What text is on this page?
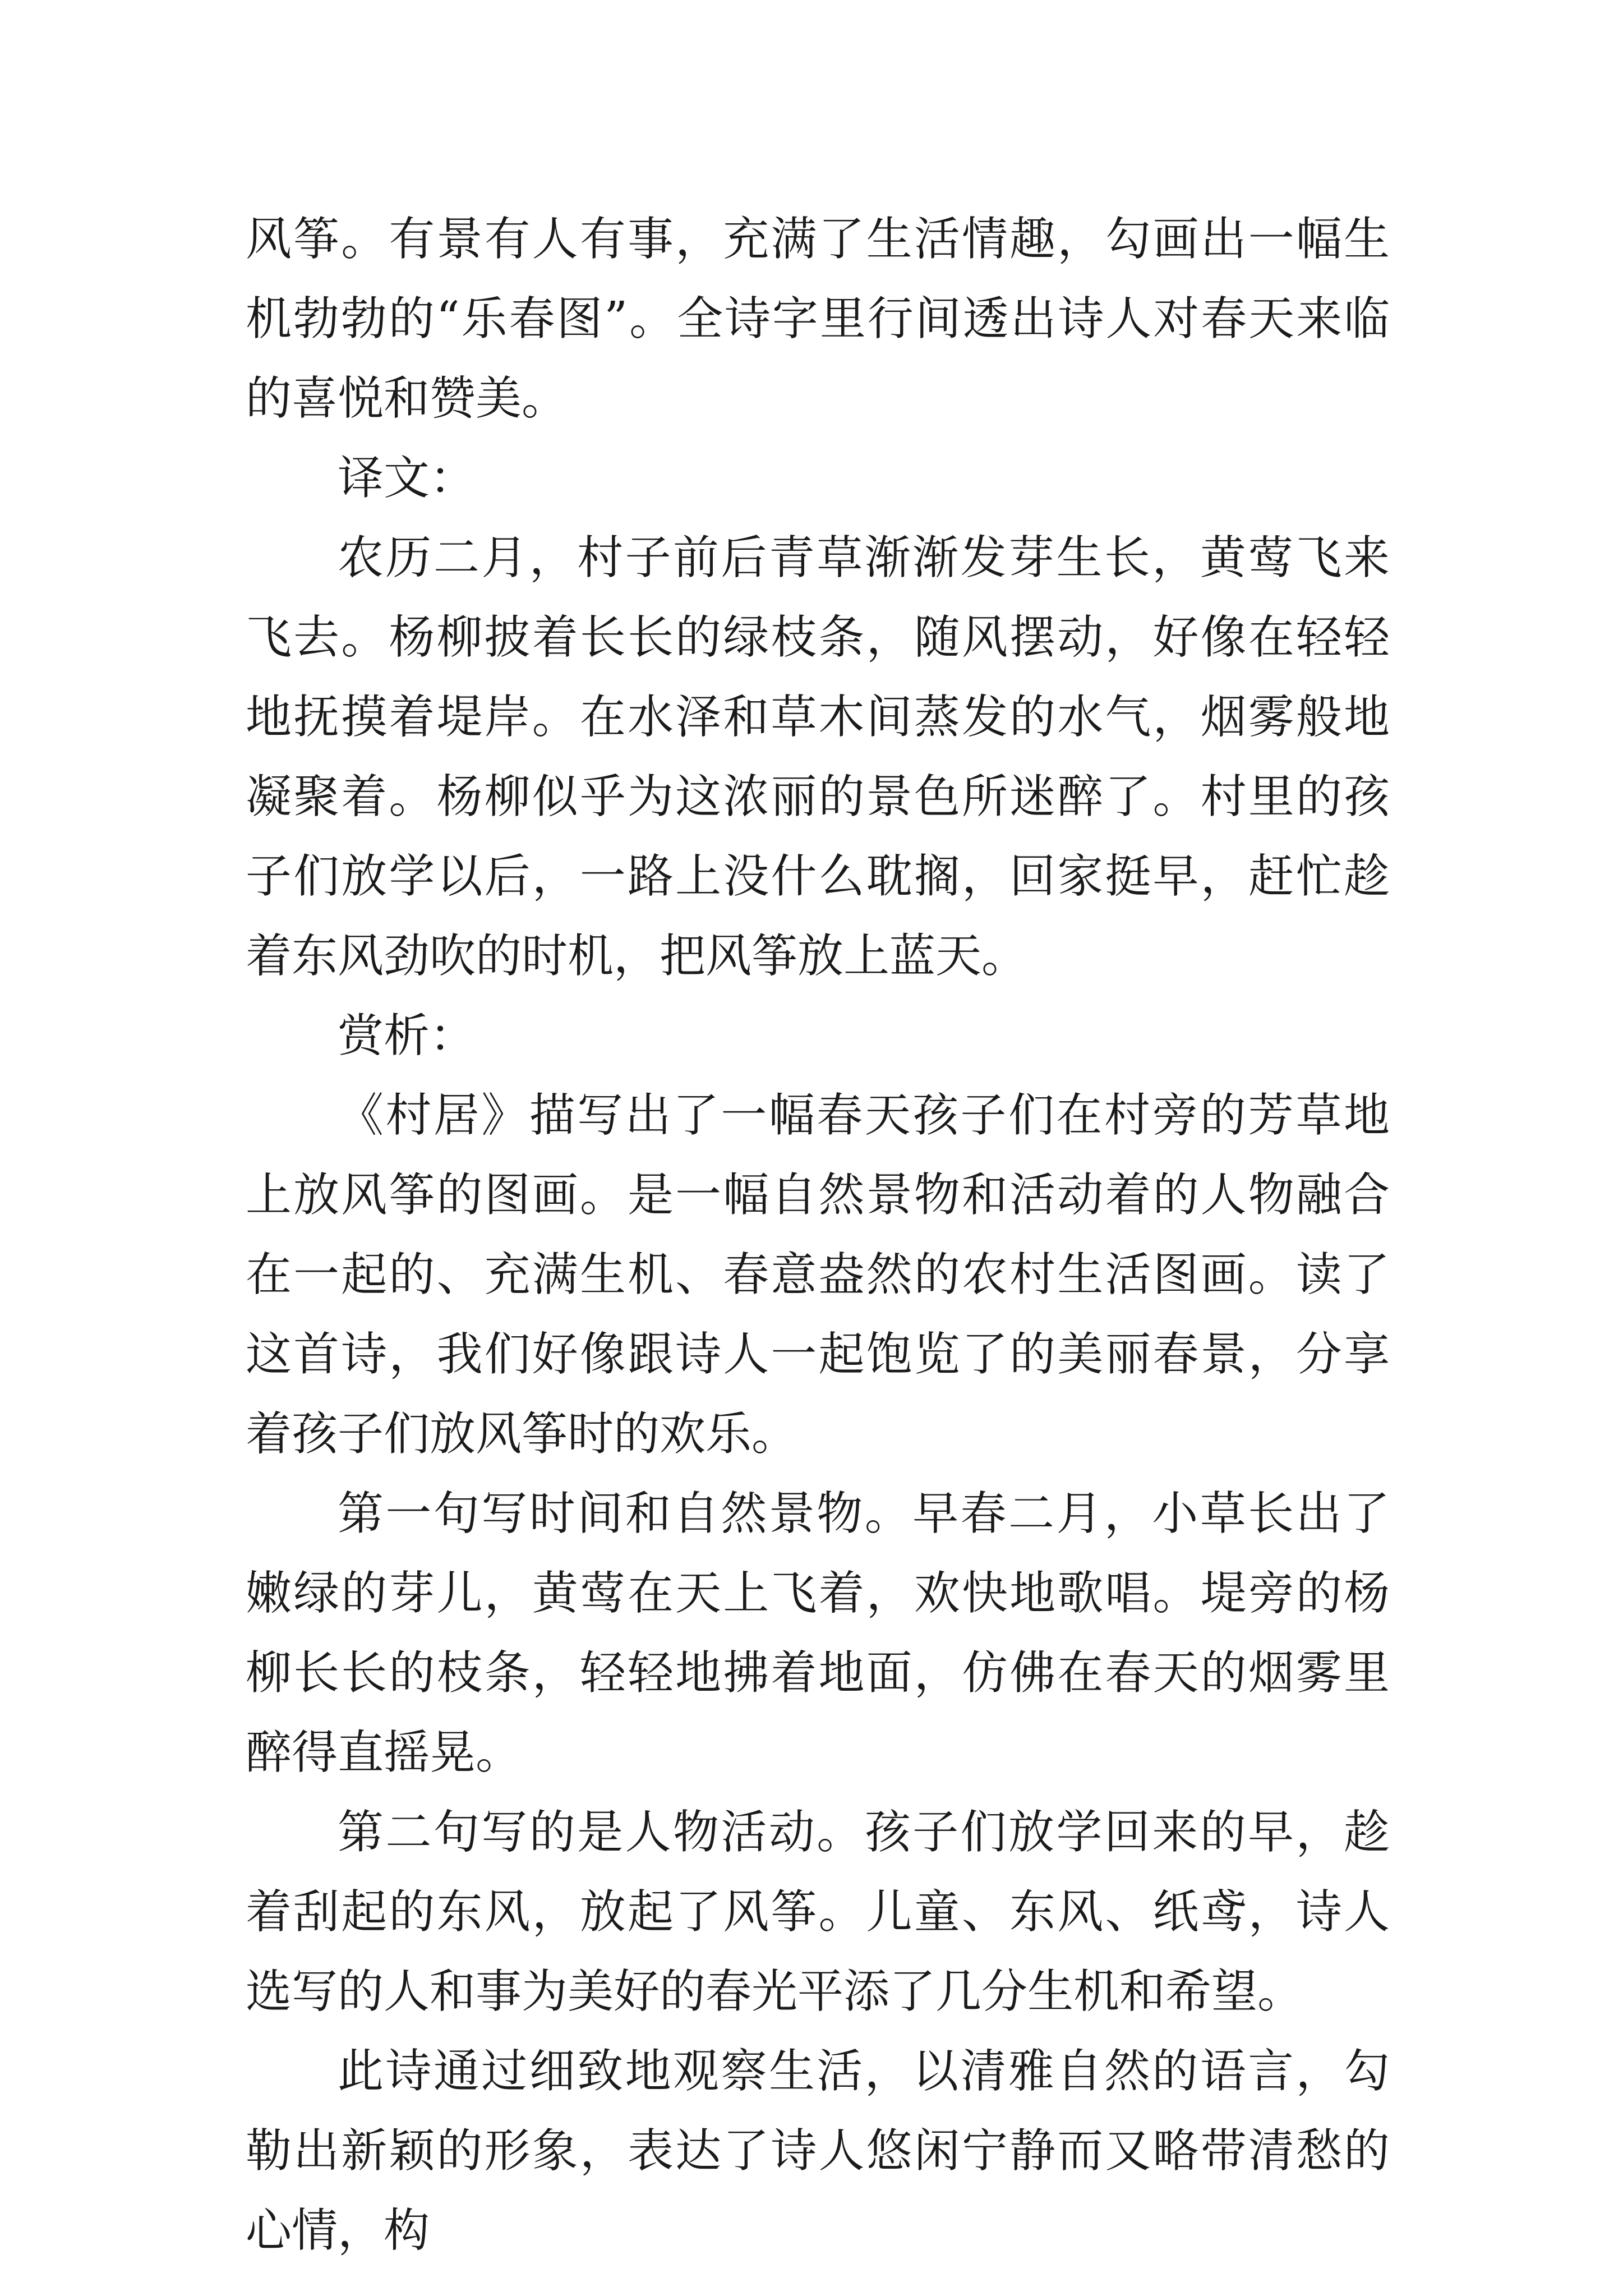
风筝。有景有人有事，充满了生活情趣，勾画出一幅生机勃勃的“乐春图”。全诗字里行间透出诗人对春天来临的喜悦和赞美。

译文：

农历二月，村子前后青草渐渐发芽生长，黄莺飞来飞去。杨柳披着长长的绿枝条，随风摆动，好像在轻轻地抚摸着堤岸。在水泽和草木间蒸发的水气，烟雾般地凝聚着。杨柳似乎为这浓丽的景色所迷醉了。村里的孩子们放学以后，一路上没什么耽搁，回家挺早，赶忙趁着东风劲吹的时机，把风筝放上蓝天。

赏析：

《村居》描写出了一幅春天孩子们在村旁的芳草地上放风筝的图画。是一幅自然景物和活动着的人物融合在一起的、充满生机、春意盎然的农村生活图画。读了这首诗，我们好像跟诗人一起饱览了的美丽春景，分享着孩子们放风筝时的欢乐。

第一句写时间和自然景物。早春二月，小草长出了嫩绿的芽儿，黄莺在天上飞着，欢快地歌唱。堤旁的杨柳长长的枝条，轻轻地拂着地面，仿佛在春天的烟雾里醉得直摇晃。

第二句写的是人物活动。孩子们放学回来的早，趁着刮起的东风，放起了风筝。儿童、东风、纸鸢，诗人选写的人和事为美好的春光平添了几分生机和希望。

此诗通过细致地观察生活，以清雅自然的语言，勾勒出新颖的形象，表达了诗人悠闲宁静而又略带清愁的心情，构
